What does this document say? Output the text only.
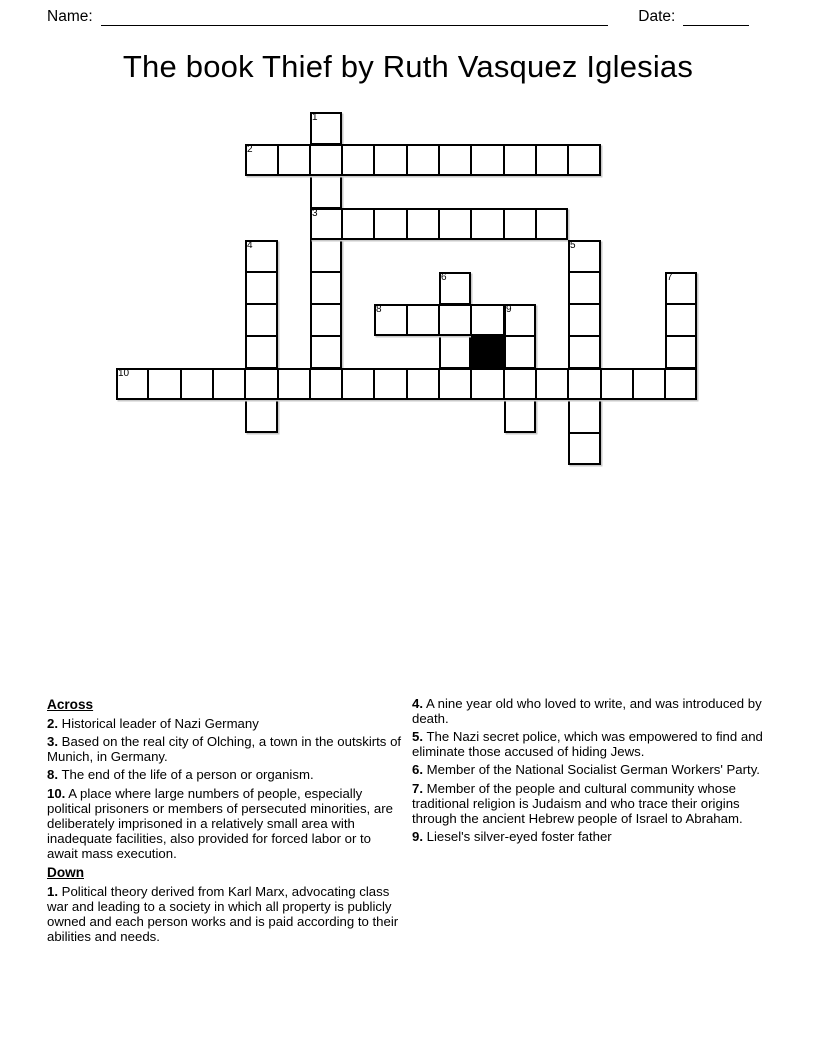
Name:	Date:
The book Thief by Ruth Vasquez Iglesias
1
2
3
4	5
6	7
8	9
10
Across
2. Historical leader of Nazi Germany
3. Based on the real city of Olching, a town in the outskirts of Munich, in Germany.
8. The end of the life of a person or organism.
10. A place where large numbers of people, especially political prisoners or members of persecuted minorities, are deliberately imprisoned in a relatively small area with inadequate facilities, also provided for forced labor or to await mass execution.
Down
1. Political theory derived from Karl Marx, advocating class war and leading to a society in which all property is publicly owned and each person works and is paid according to their abilities and needs.
4. A nine year old who loved to write, and was introduced by death.
5. The Nazi secret police, which was empowered to find and eliminate those accused of hiding Jews.
6. Member of the National Socialist German Workers' Party.
7. Member of the people and cultural community whose traditional religion is Judaism and who trace their origins through the ancient Hebrew people of Israel to Abraham.
9. Liesel's silver-eyed foster father
